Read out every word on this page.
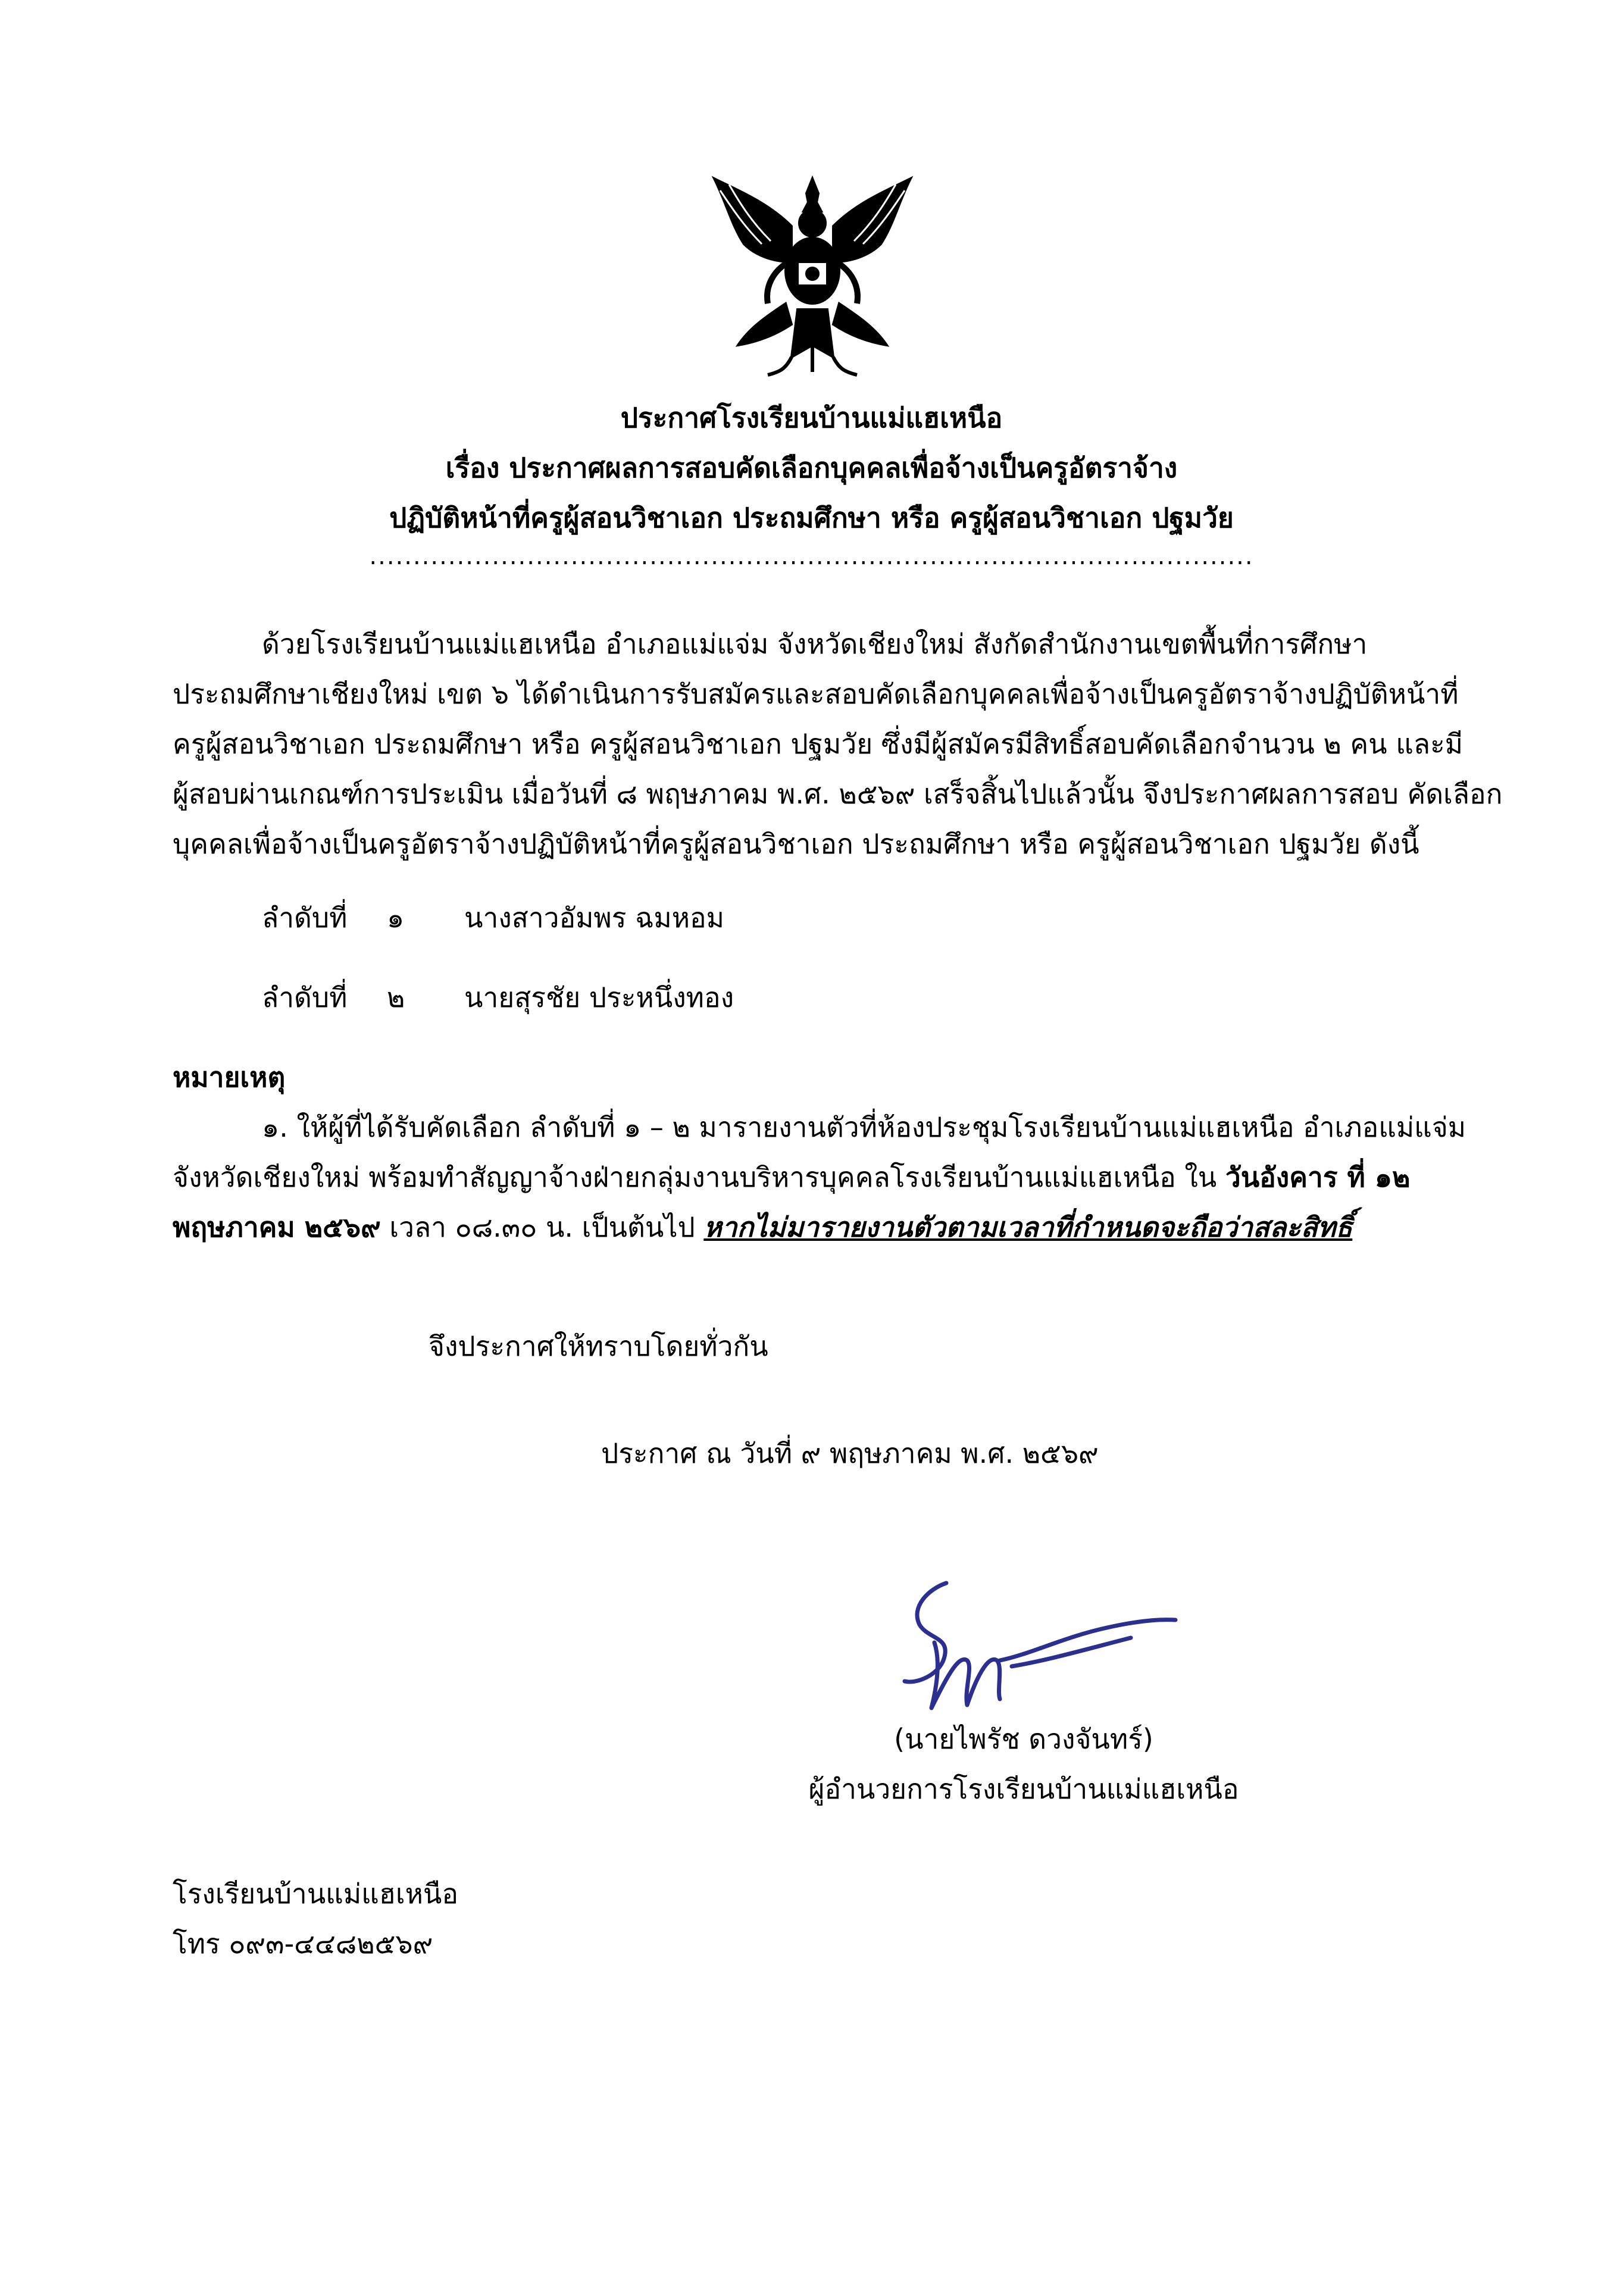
ประกาศโรงเรียนบ้านแม่แฮเหนือ
เรื่อง ประกาศผลการสอบคัดเลือกบุคคลเพื่อจ้างเป็นครูอัตราจ้าง
ปฏิบัติหน้าที่ครูผู้สอนวิชาเอก ประถมศึกษา หรือ ครูผู้สอนวิชาเอก ปฐมวัย
.....................................................................................................
ด้วยโรงเรียนบ้านแม่แฮเหนือ อำเภอแม่แจ่ม จังหวัดเชียงใหม่ สังกัดสำนักงานเขตพื้นที่การศึกษา
ประถมศึกษาเชียงใหม่ เขต ๖ ได้ดำเนินการรับสมัครและสอบคัดเลือกบุคคลเพื่อจ้างเป็นครูอัตราจ้างปฏิบัติหน้าที่
ครูผู้สอนวิชาเอก ประถมศึกษา หรือ ครูผู้สอนวิชาเอก ปฐมวัย ซึ่งมีผู้สมัครมีสิทธิ์สอบคัดเลือกจำนวน ๒ คน และมี
ผู้สอบผ่านเกณฑ์การประเมิน เมื่อวันที่ ๘ พฤษภาคม พ.ศ. ๒๕๖๙ เสร็จสิ้นไปแล้วนั้น จึงประกาศผลการสอบ คัดเลือก
บุคคลเพื่อจ้างเป็นครูอัตราจ้างปฏิบัติหน้าที่ครูผู้สอนวิชาเอก ประถมศึกษา หรือ ครูผู้สอนวิชาเอก ปฐมวัย ดังนี้
ลำดับที่ ๑ นางสาวอัมพร ฉมหอม
ลำดับที่ ๒ นายสุรชัย ประหนึ่งทอง
หมายเหตุ
๑. ให้ผู้ที่ได้รับคัดเลือก ลำดับที่ ๑ – ๒ มารายงานตัวที่ห้องประชุมโรงเรียนบ้านแม่แฮเหนือ อำเภอแม่แจ่ม
จังหวัดเชียงใหม่ พร้อมทำสัญญาจ้างฝ่ายกลุ่มงานบริหารบุคคลโรงเรียนบ้านแม่แฮเหนือ ใน วันอังคาร ที่ ๑๒
พฤษภาคม ๒๕๖๙ เวลา ๐๘.๓๐ น. เป็นต้นไป หากไม่มารายงานตัวตามเวลาที่กำหนดจะถือว่าสละสิทธิ์
จึงประกาศให้ทราบโดยทั่วกัน
ประกาศ ณ วันที่ ๙ พฤษภาคม พ.ศ. ๒๕๖๙
(นายไพรัช ดวงจันทร์)
ผู้อำนวยการโรงเรียนบ้านแม่แฮเหนือ
โรงเรียนบ้านแม่แฮเหนือ
โทร ๐๙๓-๔๔๘๒๕๖๙
